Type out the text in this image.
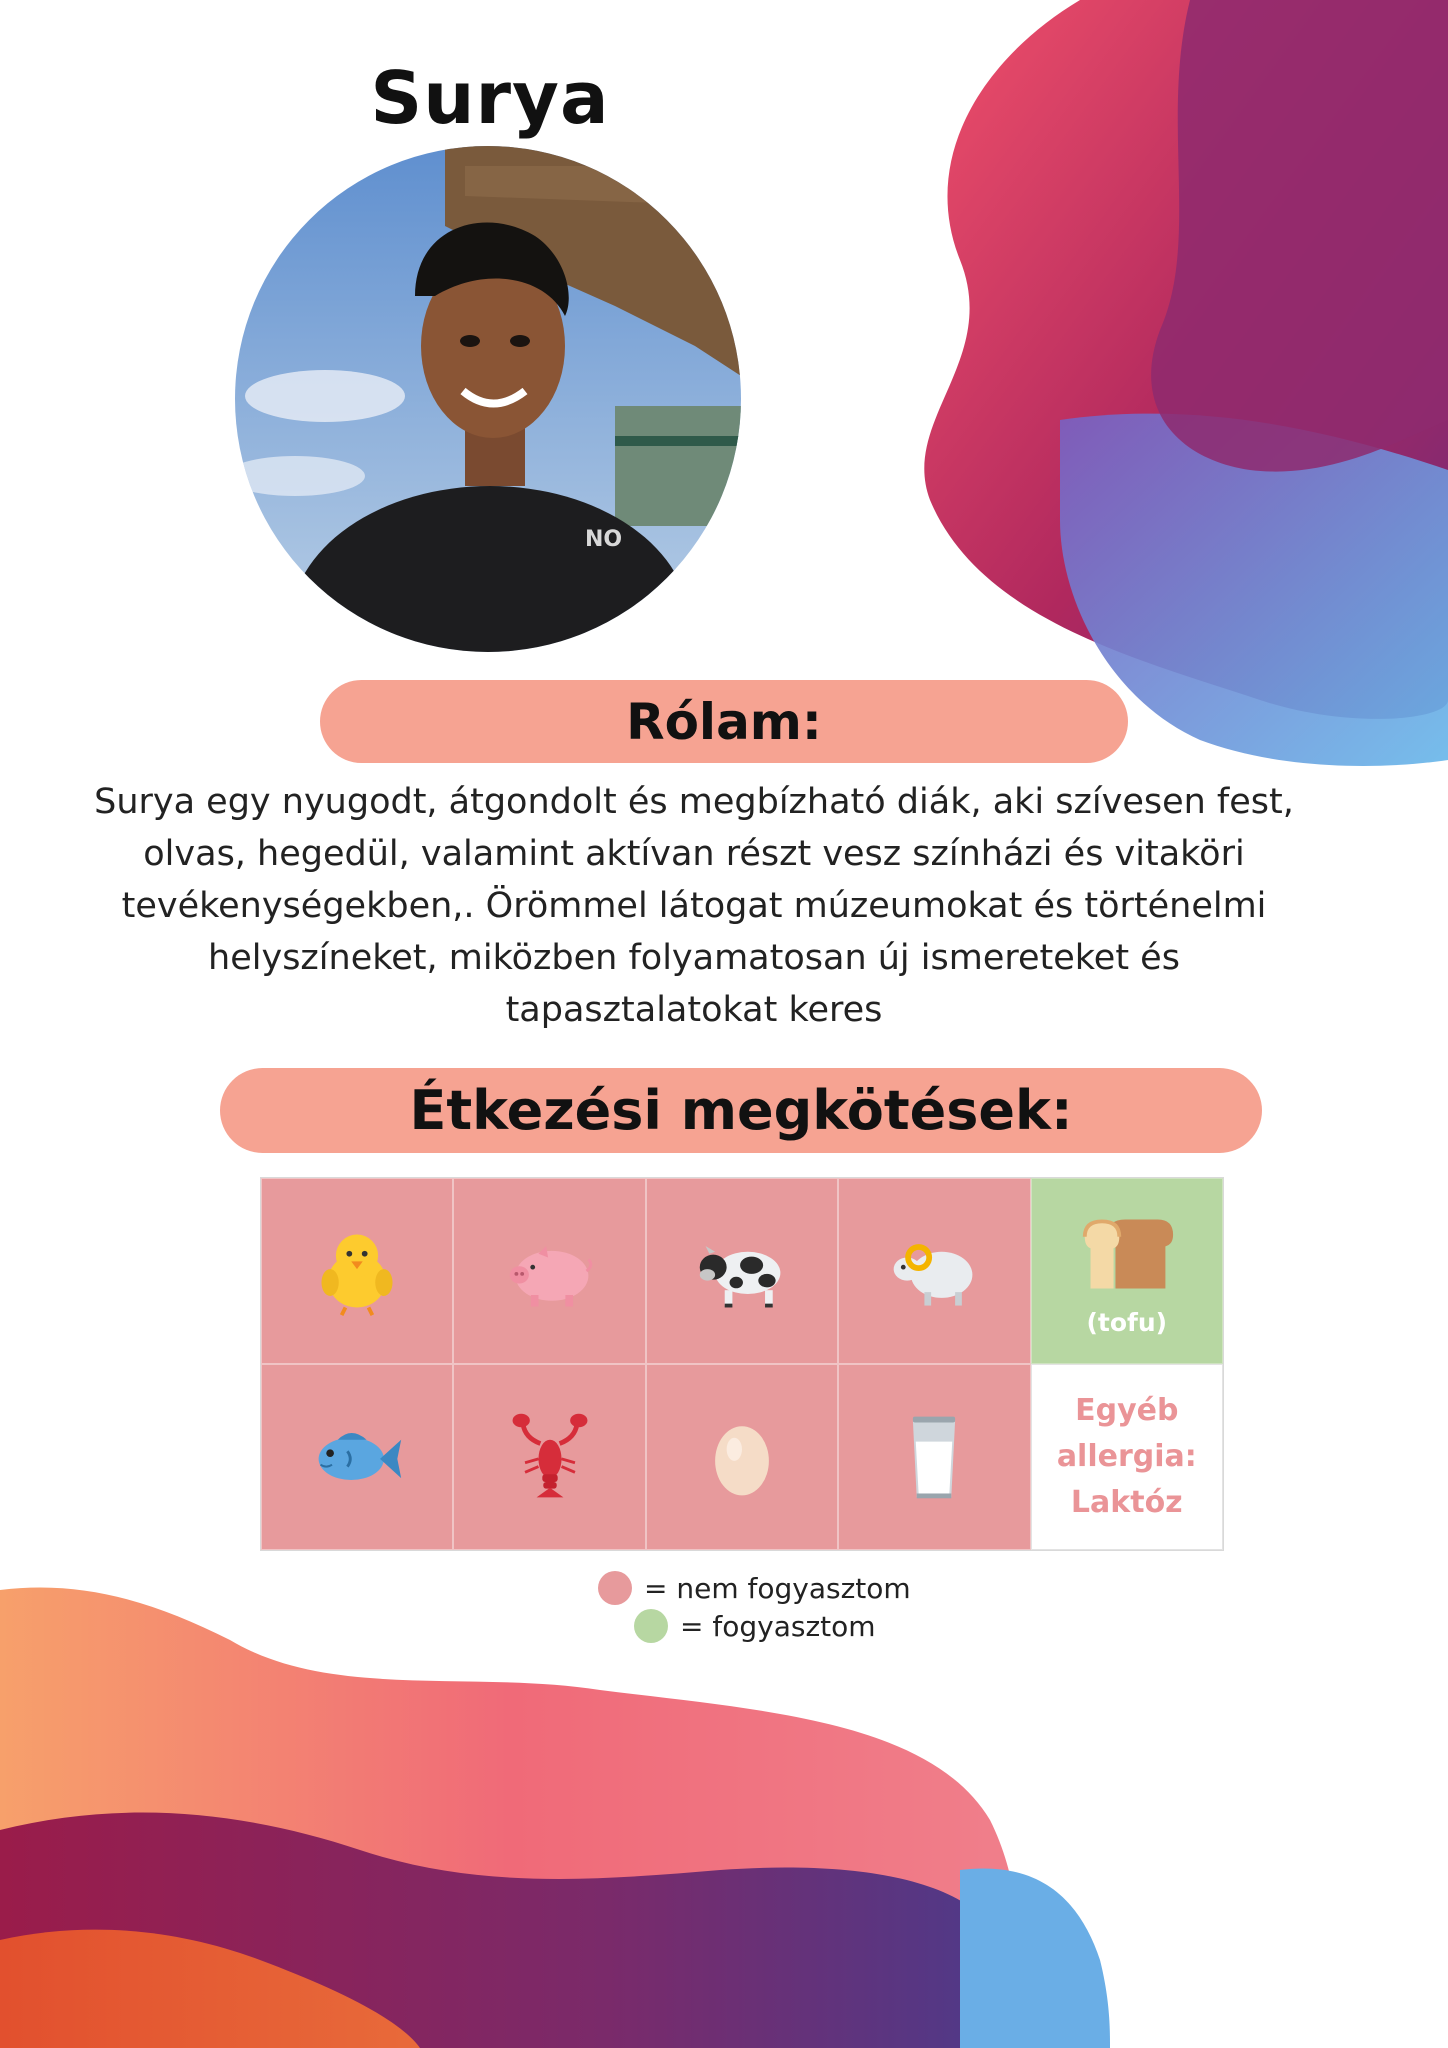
Surya
NO
Rólam:
Surya egy nyugodt, átgondolt és megbízható diák, aki szívesen fest, olvas, hegedül, valamint aktívan részt vesz színházi és vitaköri tevékenységekben,. Örömmel látogat múzeumokat és történelmi helyszíneket, miközben folyamatosan új ismereteket és tapasztalatokat keres
Étkezési megkötések:
(tofu)
Egyéb
allergia:
Laktóz
= nem fogyasztom
= fogyasztom
